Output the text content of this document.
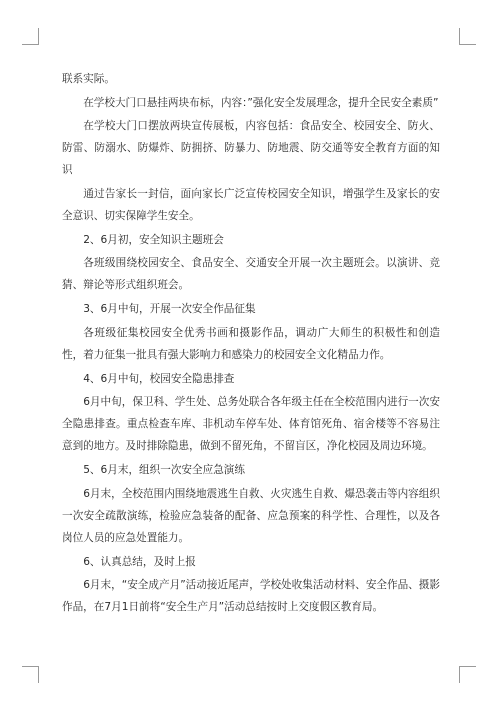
联系实际。

在学校大门口悬挂两块布标，内容：”强化安全发展理念，提升全民安全素质”

在学校大门口摆放两块宣传展板，内容包括：食品安全、校园安全、防火、防雷、防溺水、防爆炸、防拥挤、防暴力、防地震、防交通等安全教育方面的知识

通过告家长一封信，面向家长广泛宣传校园安全知识，增强学生及家长的安全意识、切实保障学生安全。

2、6月初，安全知识主题班会

各班级围绕校园安全、食品安全、交通安全开展一次主题班会。以演讲、竞猜、辩论等形式组织班会。

3、6月中旬，开展一次安全作品征集

各班级征集校园安全优秀书画和摄影作品，调动广大师生的积极性和创造性，着力征集一批具有强大影响力和感染力的校园安全文化精品力作。

4、6月中旬，校园安全隐患排查

6月中旬，保卫科、学生处、总务处联合各年级主任在全校范围内进行一次安全隐患排查。重点检查车库、非机动车停车处、体育馆死角、宿舍楼等不容易注意到的地方。及时排除隐患，做到不留死角，不留盲区，净化校园及周边环境。

5、6月末，组织一次安全应急演练

6月末，全校范围内围绕地震逃生自救、火灾逃生自救、爆恐袭击等内容组织一次安全疏散演练，检验应急装备的配备、应急预案的科学性、合理性，以及各岗位人员的应急处置能力。

6、认真总结，及时上报

6月末，“安全成产月”活动接近尾声，学校处收集活动材料、安全作品、摄影作品，在7月1日前将“安全生产月”活动总结按时上交度假区教育局。
